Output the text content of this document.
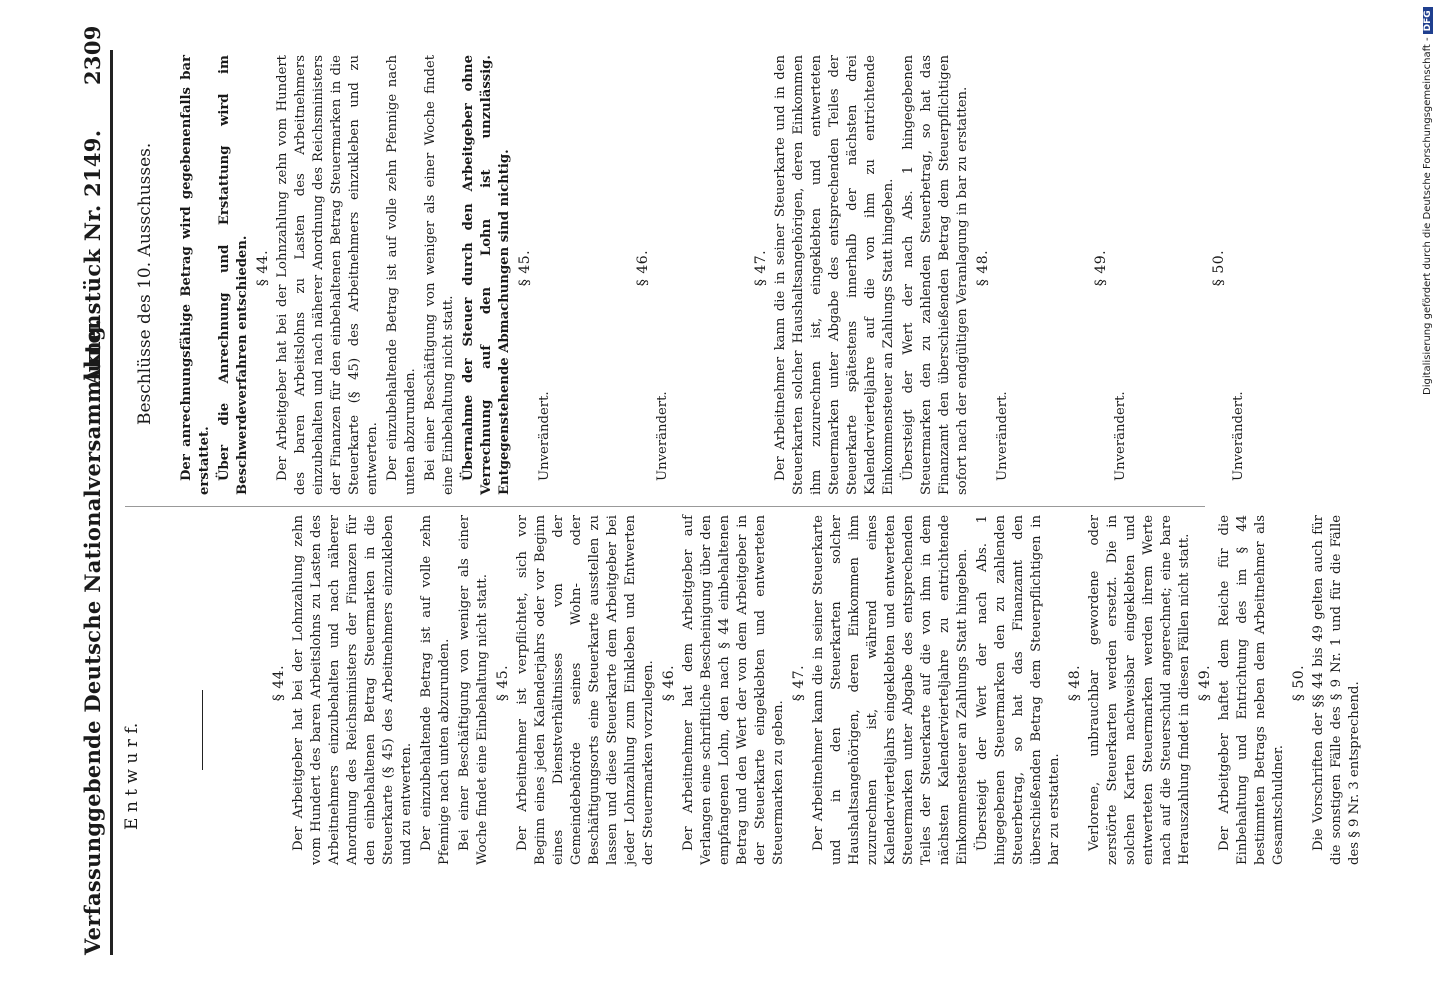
Verfassunggebende Deutsche Nationalversammlung.
Aktenstück Nr. 2149.
2309
E n t w u r f.
Beschlüsse des 10. Ausschusses.

§ 44. Der Arbeitgeber hat bei der Lohnzahlung zehn vom Hundert des baren Arbeitslohns zu Lasten des Arbeitnehmers einzubehalten und nach näherer Anordnung des Reichsministers der Finanzen für den einbehaltenen Betrag Steuermarken in die Steuerkarte (§ 45) des Arbeitnehmers einzukleben und zu entwerten. Der einzubehaltende Betrag ist auf volle zehn Pfennige nach unten abzurunden. Bei einer Beschäftigung von weniger als einer Woche findet eine Einbehaltung nicht statt. § 45. Der Arbeitnehmer ist verpflichtet, sich vor Beginn eines jeden Kalenderjahrs oder vor Beginn eines Dienstverhältnisses von der Gemeindebehörde seines Wohn- oder Beschäftigungsorts eine Steuerkarte ausstellen zu lassen und diese Steuerkarte dem Arbeitgeber bei jeder Lohnzahlung zum Einkleben und Entwerten der Steuermarken vorzulegen. § 46. Der Arbeitnehmer hat dem Arbeitgeber auf Verlangen eine schriftliche Bescheinigung über den empfangenen Lohn, den nach § 44 einbehaltenen Betrag und den Wert der von dem Arbeitgeber in der Steuerkarte eingeklebten und entwerteten Steuermarken zu geben.

§ 47. Der Arbeitnehmer kann die in seiner Steuerkarte und in den Steuerkarten solcher Haushaltsangehörigen, deren Einkommen ihm zuzurechnen ist, während eines Kalendervierteljahrs eingeklebten und entwerteten Steuermarken unter Abgabe des entsprechenden Teiles der Steuerkarte auf die von ihm in dem nächsten Kalendervierteljahre zu entrichtende Einkommensteuer an Zahlungs Statt hingeben. Übersteigt der Wert der nach Abs. 1 hingegebenen Steuermarken den zu zahlenden Steuerbetrag, so hat das Finanzamt den überschießenden Betrag dem Steuerpflichtigen in bar zu erstatten.

§ 48. Verlorene, unbrauchbar gewordene oder zerstörte Steuerkarten werden ersetzt. Die in solchen Karten nachweisbar eingeklebten und entwerteten Steuermarken werden ihrem Werte nach auf die Steuerschuld angerechnet; eine bare Herauszahlung findet in diesen Fällen nicht statt. § 49. Der Arbeitgeber haftet dem Reiche für die Einbehaltung und Entrichtung des im § 44 bestimmten Betrags neben dem Arbeitnehmer als Gesamtschuldner.

§ 50. Die Vorschriften der §§ 44 bis 49 gelten auch für die sonstigen Fälle des § 9 Nr. 1 und für die Fälle des § 9 Nr. 3 entsprechend.

Der anrechnungsfähige Betrag wird gegebenenfalls bar erstattet. Über die Anrechnung und Erstattung wird im Beschwerdeverfahren entschieden. § 44. Der Arbeitgeber hat bei der Lohnzahlung zehn vom Hundert des baren Arbeitslohns zu Lasten des Arbeitnehmers einzubehalten und nach näherer Anordnung des Reichsministers der Finanzen für den einbehaltenen Betrag Steuermarken in die Steuerkarte (§ 45) des Arbeitnehmers einzukleben und zu entwerten. Der einzubehaltende Betrag ist auf volle zehn Pfennige nach unten abzurunden. Bei einer Beschäftigung von weniger als einer Woche findet eine Einbehaltung nicht statt. Übernahme der Steuer durch den Arbeitgeber ohne Verrechnung auf den Lohn ist unzulässig. Entgegenstehende Abmachungen sind nichtig. § 45.

Unverändert.

§ 46.

Unverändert.

§ 47. Der Arbeitnehmer kann die in seiner Steuerkarte und in den Steuerkarten solcher Haushaltsangehörigen, deren Einkommen ihm zuzurechnen ist, eingeklebten und entwerteten Steuermarken unter Abgabe des entsprechenden Teiles der Steuerkarte spätestens innerhalb der nächsten drei Kalendervierteljahre auf die von ihm zu entrichtende Einkommensteuer an Zahlungs Statt hingeben. Übersteigt der Wert der nach Abs. 1 hingegebenen Steuermarken den zu zahlenden Steuerbetrag, so hat das Finanzamt den überschießenden Betrag dem Steuerpflichtigen sofort nach der endgültigen Veranlagung in bar zu erstatten. § 48.

Unverändert.

§ 49.

Unverändert.

§ 50.

Unverändert.

Digitalisierung gefördert durch die Deutsche Forschungsgemeinschaft -DFG
